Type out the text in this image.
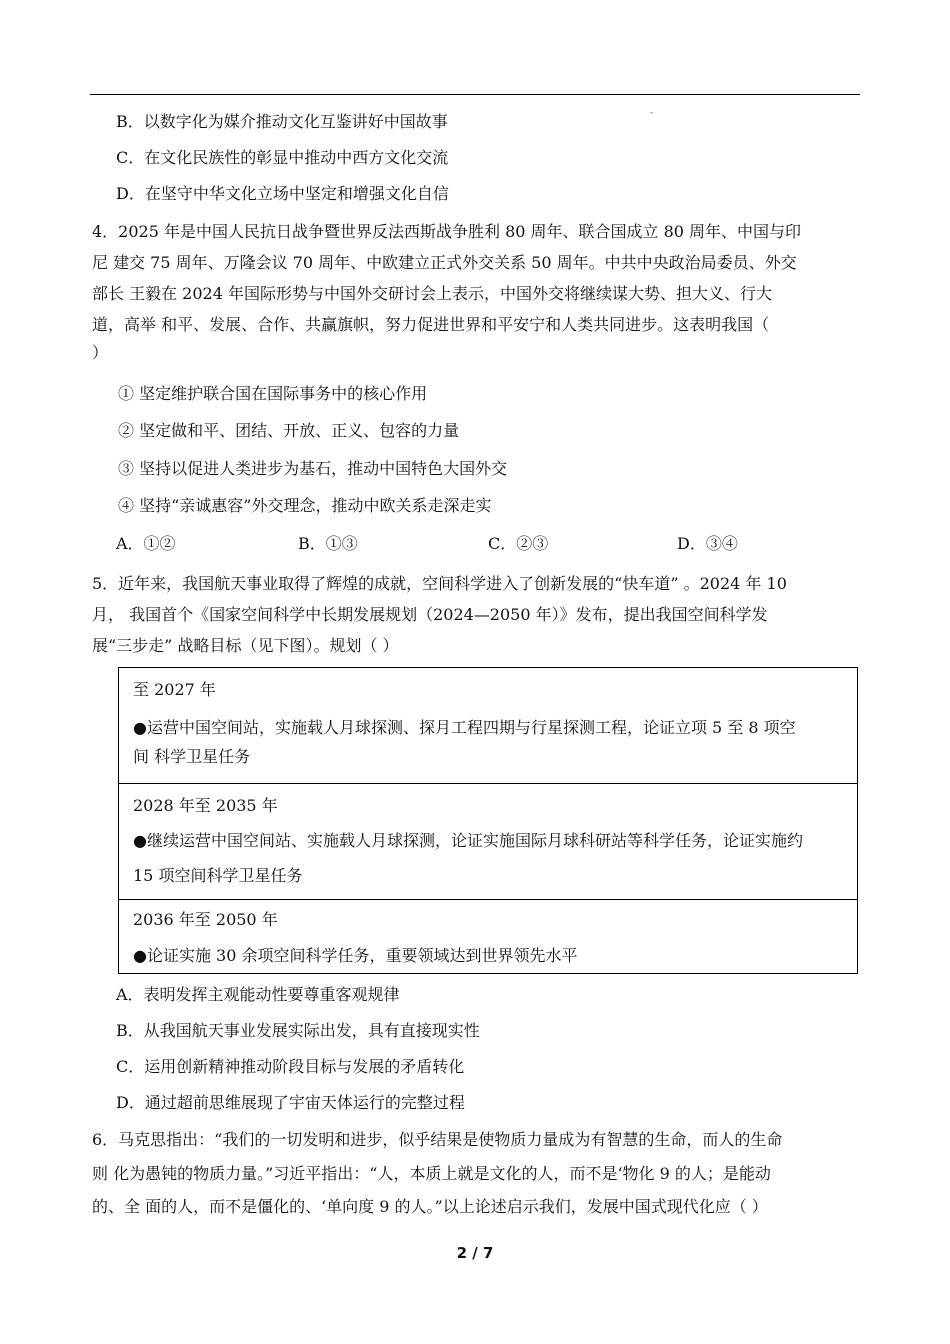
-
B．以数字化为媒介推动文化互鉴讲好中国故事
C．在文化民族性的彰显中推动中西方文化交流
D．在坚守中华文化立场中坚定和增强文化自信
4．2025 年是中国人民抗日战争暨世界反法西斯战争胜利 80 周年、联合国成立 80 周年、中国与印
尼 建交 75 周年、万隆会议 70 周年、中欧建立正式外交关系 50 周年。中共中央政治局委员、外交
部长 王毅在 2024 年国际形势与中国外交研讨会上表示，中国外交将继续谋大势、担大义、行大
道，高举 和平、发展、合作、共赢旗帜，努力促进世界和平安宁和人类共同进步。这表明我国（
）
① 坚定维护联合国在国际事务中的核心作用
② 坚定做和平、团结、开放、正义、包容的力量
③ 坚持以促进人类进步为基石，推动中国特色大国外交
④ 坚持“亲诚惠容”外交理念，推动中欧关系走深走实
A．①②	B．①③	C．②③	D．③④
5．近年来，我国航天事业取得了辉煌的成就，空间科学进入了创新发展的“快车道” 。2024 年 10
月， 我国首个《国家空间科学中长期发展规划（2024—2050 年）》发布，提出我国空间科学发
展“三步走” 战略目标（见下图）。规划（ ）
至 2027 年
●运营中国空间站，实施载人月球探测、探月工程四期与行星探测工程，论证立项 5 至 8 项空
间 科学卫星任务
2028 年至 2035 年
●继续运营中国空间站、实施载人月球探测，论证实施国际月球科研站等科学任务，论证实施约
15 项空间科学卫星任务
2036 年至 2050 年
●论证实施 30 余项空间科学任务，重要领域达到世界领先水平
A．表明发挥主观能动性要尊重客观规律
B．从我国航天事业发展实际出发，具有直接现实性
C．运用创新精神推动阶段目标与发展的矛盾转化
D．通过超前思维展现了宇宙天体运行的完整过程
6．马克思指出：“我们的一切发明和进步，似乎结果是使物质力量成为有智慧的生命，而人的生命
则 化为愚钝的物质力量。”习近平指出：“人，本质上就是文化的人，而不是‘物化 9 的人；是能动
的、全 面的人，而不是僵化的、‘单向度 9 的人。”以上论述启示我们，发展中国式现代化应（ ）
2 / 7
